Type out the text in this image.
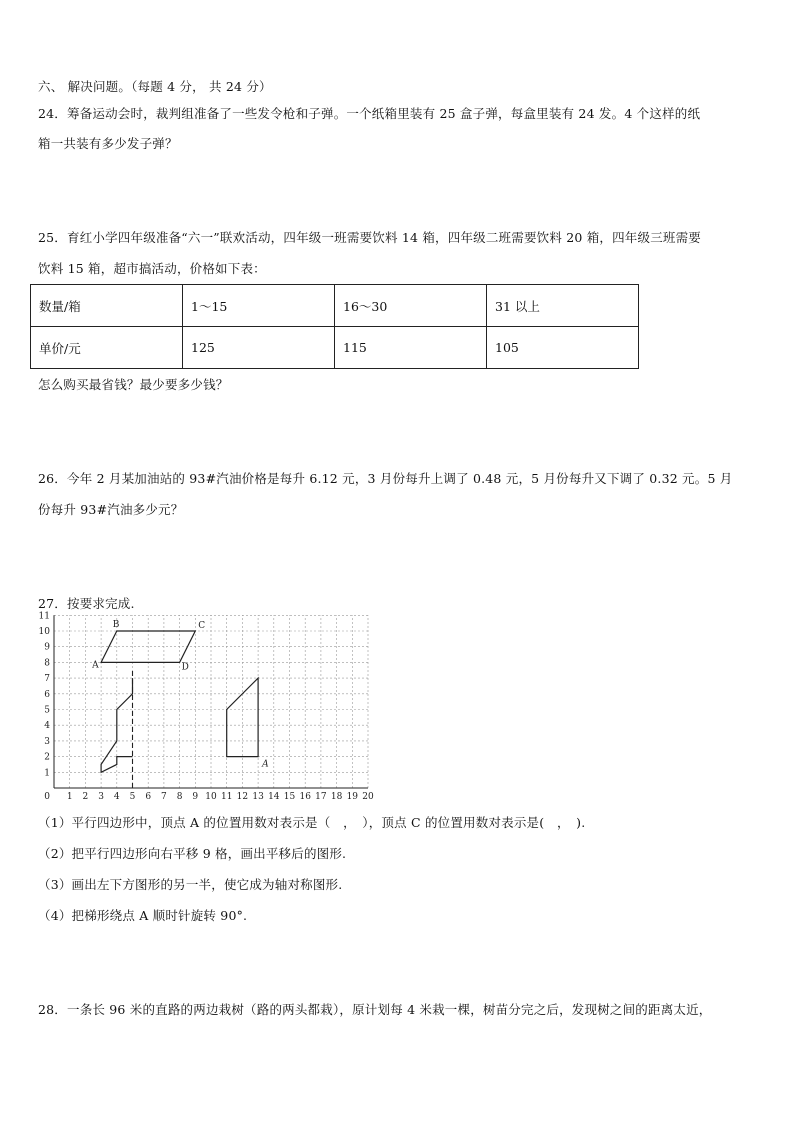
六、 解决问题。（每题 4 分， 共 24 分）
24．筹备运动会时，裁判组准备了一些发令枪和子弹。一个纸箱里装有 25 盒子弹，每盒里装有 24 发。4 个这样的纸
箱一共装有多少发子弹？
25．育红小学四年级准备“六一”联欢活动，四年级一班需要饮料 14 箱，四年级二班需要饮料 20 箱，四年级三班需要
饮料 15 箱，超市搞活动，价格如下表：
数量/箱	1～15	16～30	31 以上
单价/元	125	115	105
怎么购买最省钱？最少要多少钱？
26．今年 2 月某加油站的 93#汽油价格是每升 6.12 元，3 月份每升上调了 0.48 元，5 月份每升又下调了 0.32 元。5 月
份每升 93#汽油多少元？
27．按要求完成.
1 2 3 4 5 6 7 8 9 10 11 12 13 14 15 16 17 18 19 20
1
2
3
4
5
6
7
8
9
10
11
0
A
B	C
D
A
（1）平行四边形中，顶点 A 的位置用数对表示是（　，　），顶点 C 的位置用数对表示是(　，　).
（2）把平行四边形向右平移 9 格，画出平移后的图形.
（3）画出左下方图形的另一半，使它成为轴对称图形.
（4）把梯形绕点 A 顺时针旋转 90°.
28．一条长 96 米的直路的两边栽树（路的两头都栽），原计划每 4 米栽一棵，树苗分完之后，发现树之间的距离太近，
